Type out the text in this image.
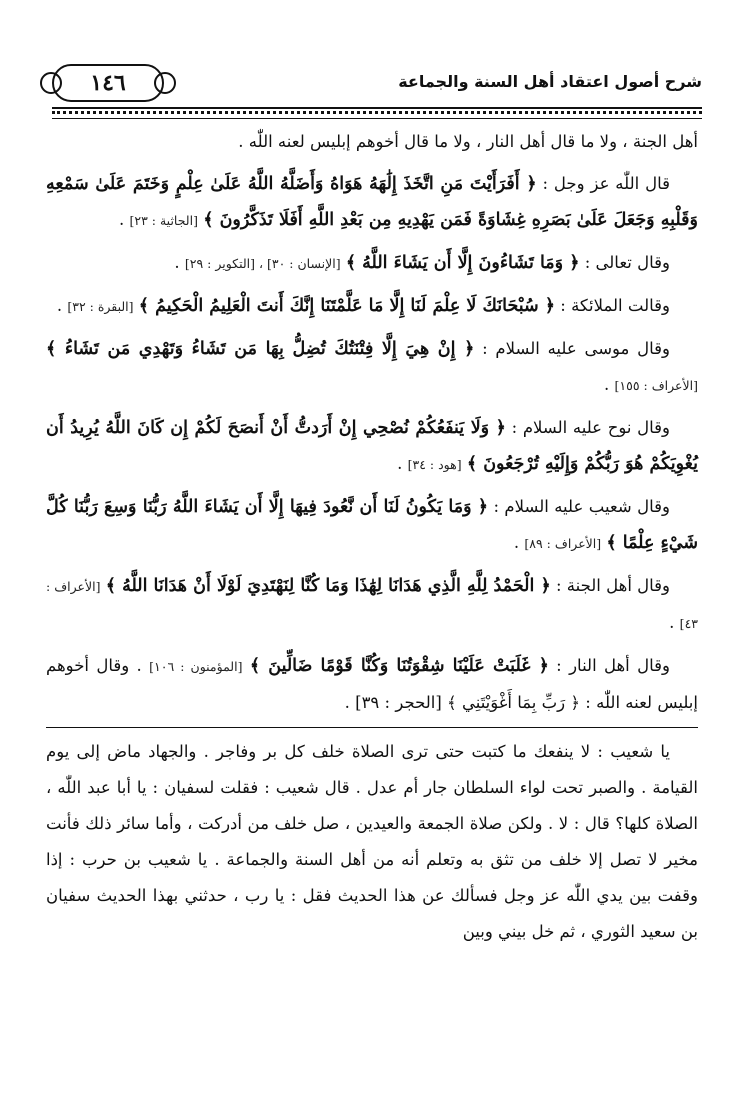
١٤٦	شرح أصول اعتقاد أهل السنة والجماعة

أهل الجنة ، ولا ما قال أهل النار ، ولا ما قال أخوهم إبليس لعنه اللّٰه .

قال اللّٰه عز وجل : ﴿ أَفَرَأَيْتَ مَنِ اتَّخَذَ إِلَٰهَهُ هَوَاهُ وَأَضَلَّهُ اللَّهُ عَلَىٰ عِلْمٍ وَخَتَمَ عَلَىٰ سَمْعِهِ وَقَلْبِهِ وَجَعَلَ عَلَىٰ بَصَرِهِ غِشَاوَةً فَمَن يَهْدِيهِ مِن بَعْدِ اللَّهِ أَفَلَا تَذَكَّرُونَ ﴾ [الجاثية : ٢٣] .

وقال تعالى : ﴿ وَمَا تَشَاءُونَ إِلَّا أَن يَشَاءَ اللَّهُ ﴾ [الإنسان : ٣٠] ، [التكوير : ٢٩] .

وقالت الملائكة : ﴿ سُبْحَانَكَ لَا عِلْمَ لَنَا إِلَّا مَا عَلَّمْتَنَا إِنَّكَ أَنتَ الْعَلِيمُ الْحَكِيمُ ﴾ [البقرة : ٣٢] .

وقال موسى عليه السلام : ﴿ إِنْ هِيَ إِلَّا فِتْنَتُكَ تُضِلُّ بِهَا مَن تَشَاءُ وَتَهْدِي مَن تَشَاءُ ﴾ [الأعراف : ١٥٥] .

وقال نوح عليه السلام : ﴿ وَلَا يَنفَعُكُمْ نُصْحِي إِنْ أَرَدتُّ أَنْ أَنصَحَ لَكُمْ إِن كَانَ اللَّهُ يُرِيدُ أَن يُغْوِيَكُمْ هُوَ رَبُّكُمْ وَإِلَيْهِ تُرْجَعُونَ ﴾ [هود : ٣٤] .

وقال شعيب عليه السلام : ﴿ وَمَا يَكُونُ لَنَا أَن نَّعُودَ فِيهَا إِلَّا أَن يَشَاءَ اللَّهُ رَبُّنَا وَسِعَ رَبُّنَا كُلَّ شَيْءٍ عِلْمًا ﴾ [الأعراف : ٨٩] .

وقال أهل الجنة : ﴿ الْحَمْدُ لِلَّهِ الَّذِي هَدَانَا لِهَٰذَا وَمَا كُنَّا لِنَهْتَدِيَ لَوْلَا أَنْ هَدَانَا اللَّهُ ﴾ [الأعراف : ٤٣] .

وقال أهل النار : ﴿ غَلَبَتْ عَلَيْنَا شِقْوَتُنَا وَكُنَّا قَوْمًا ضَالِّينَ ﴾ [المؤمنون : ١٠٦] . وقال أخوهم إبليس لعنه اللّٰه : ﴿ رَبِّ بِمَا أَغْوَيْتَنِي ﴾ [الحجر : ٣٩] .

يا شعيب : لا ينفعك ما كتبت حتى ترى الصلاة خلف كل بر وفاجر . والجهاد ماض إلى يوم القيامة . والصبر تحت لواء السلطان جار أم عدل . قال شعيب : فقلت لسفيان : يا أبا عبد اللّٰه ، الصلاة كلها؟ قال : لا . ولكن صلاة الجمعة والعيدين ، صل خلف من أدركت ، وأما سائر ذلك فأنت مخير لا تصل إلا خلف من تثق به وتعلم أنه من أهل السنة والجماعة . يا شعيب بن حرب : إذا وقفت بين يدي اللّٰه عز وجل فسألك عن هذا الحديث فقل : يا رب ، حدثني بهذا الحديث سفيان بن سعيد الثوري ، ثم خل بيني وبين
